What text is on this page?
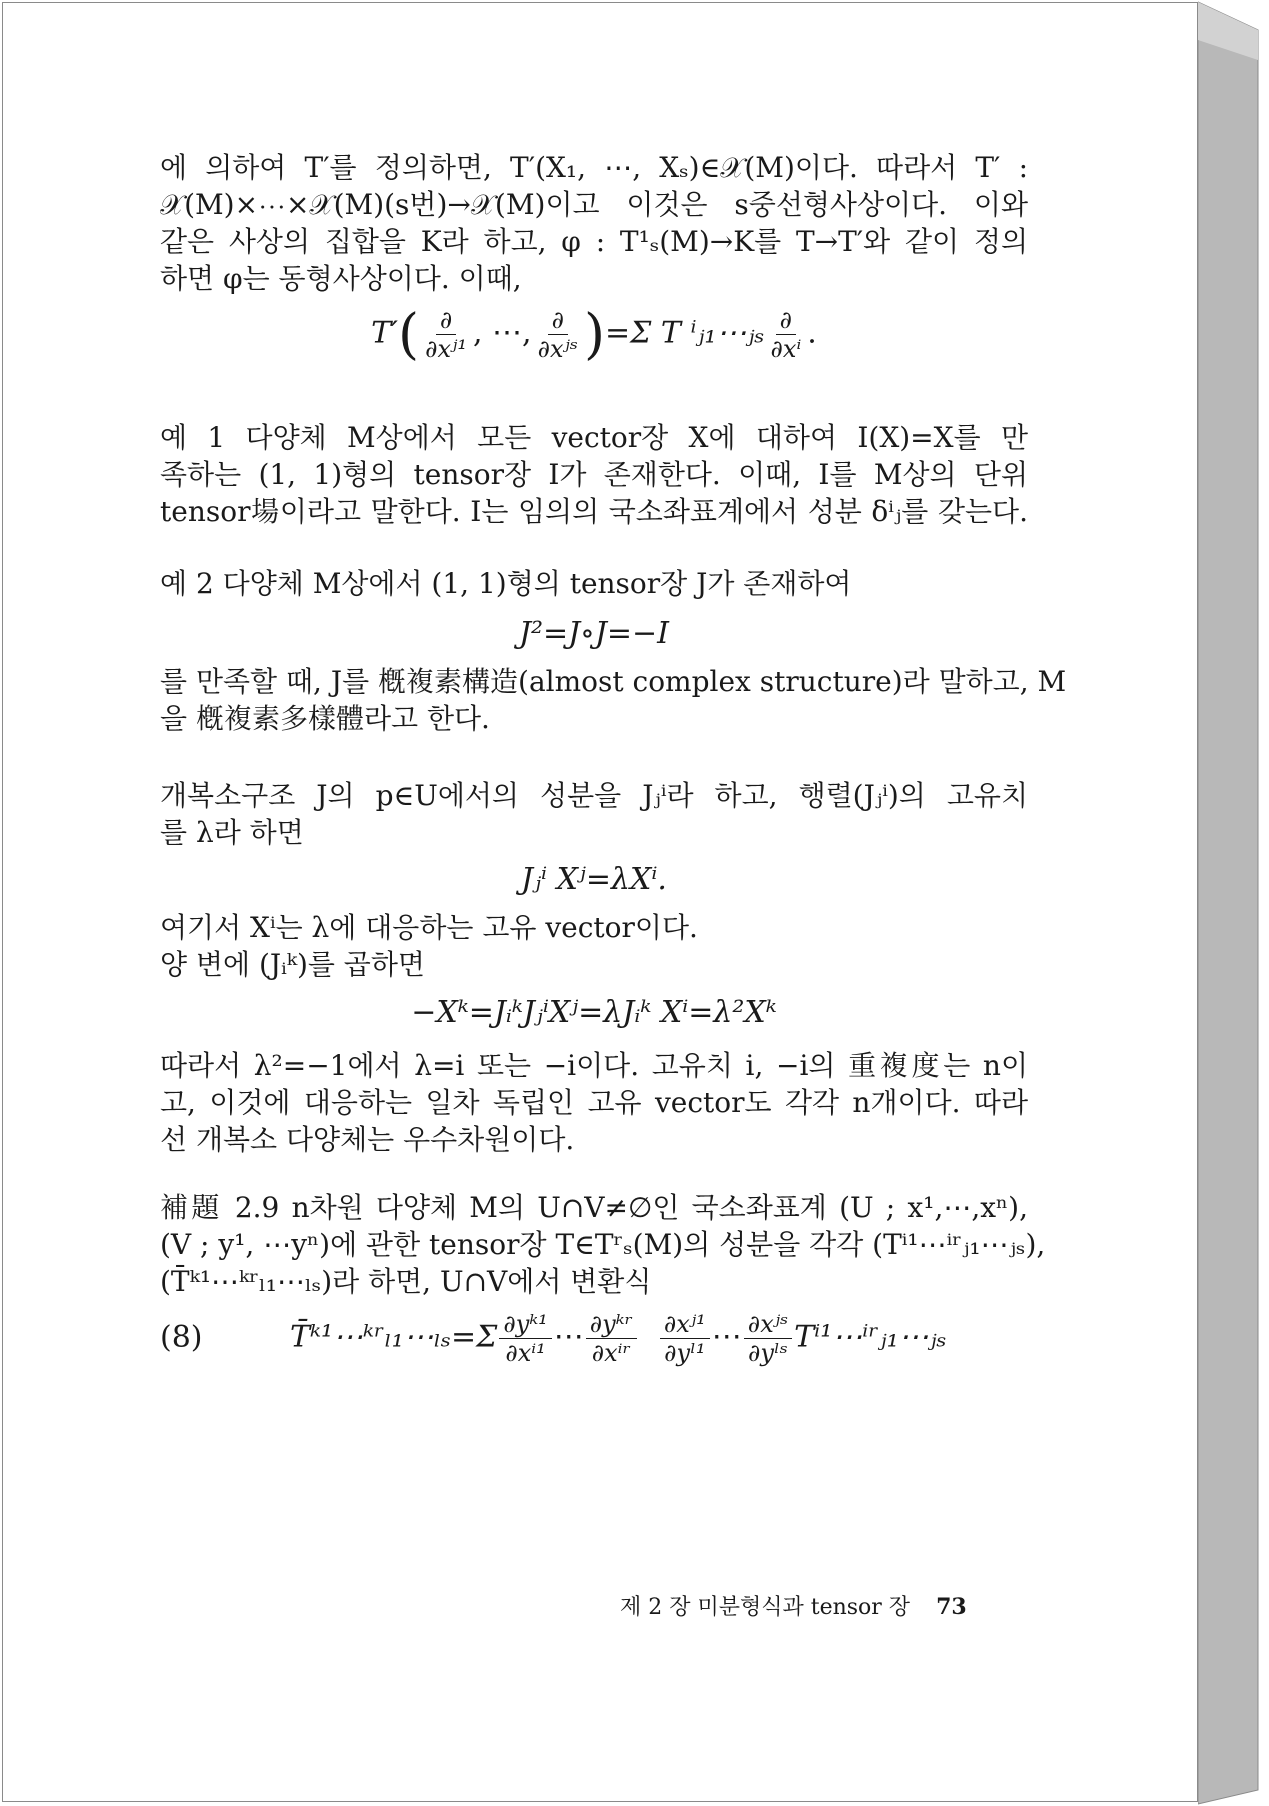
에 의하여 T′를 정의하면, T′(X₁, ⋯, Xₛ)∈𝒳(M)이다. 따라서 T′ :
𝒳(M)×⋯×𝒳(M)(s번)→𝒳(M)이고 이것은 s중선형사상이다. 이와
같은 사상의 집합을 K라 하고, φ : T¹ₛ(M)→K를 T→T′와 같이 정의
하면 φ는 동형사상이다. 이때,
$T'( \frac{\partial}{\text{∂xʲ¹}}$ , ⋯, $\frac{\partial}{\text{∂xʲˢ}} )=\Sigma$ T ⁱⱼ₁⋯ⱼₛ $\frac{\partial}{\text{∂xⁱ}}$ .
예 1 다양체 M상에서 모든 vector장 X에 대하여 I(X)=X를 만
족하는 (1, 1)형의 tensor장 I가 존재한다. 이때, I를 M상의 단위
tensor場이라고 말한다. I는 임의의 국소좌표계에서 성분 δⁱⱼ를 갖는다.
예 2 다양체 M상에서 (1, 1)형의 tensor장 J가 존재하여
J²=J∘J=−I
를 만족할 때, J를 槪複素構造(almost complex structure)라 말하고, M
을 槪複素多樣體라고 한다.
개복소구조 J의 p∈U에서의 성분을 Jⱼⁱ라 하고, 행렬(Jⱼⁱ)의 고유치
를 λ라 하면
Jⱼⁱ Xʲ=λXⁱ.
여기서 Xⁱ는 λ에 대응하는 고유 vector이다.
양 변에 (Jᵢᵏ)를 곱하면
−Xᵏ=JᵢᵏJⱼⁱXʲ=λJᵢᵏ Xⁱ=λ²Xᵏ
따라서 λ²=−1에서 λ=i 또는 −i이다. 고유치 i, −i의 重複度는 n이
고, 이것에 대응하는 일차 독립인 고유 vector도 각각 n개이다. 따라
선 개복소 다양체는 우수차원이다.
補題 2.9 n차원 다양체 M의 U∩V≠∅인 국소좌표계 (U ; x¹,⋯,xⁿ),
(V ; y¹, ⋯yⁿ)에 관한 tensor장 T∈Tʳₛ(M)의 성분을 각각 (Tⁱ¹⋯ⁱʳⱼ₁⋯ⱼₛ),
(T̄ᵏ¹⋯ᵏʳₗ₁⋯ₗₛ)라 하면, U∩V에서 변환식
(8)	T̄ᵏ¹⋯ᵏʳₗ₁⋯ₗₛ=Σ $\frac{\text{∂yᵏ¹}}{\text{∂xⁱ¹}}$ ⋯ $\frac{\text{∂yᵏʳ}}{\text{∂xⁱʳ}}$
$\frac{\text{∂xʲ¹}}{\text{∂yˡ¹}}$ ⋯ $\frac{\text{∂xʲˢ}}{\text{∂yˡˢ}}$ Tⁱ¹⋯ⁱʳⱼ₁⋯ⱼₛ
제 2 장 미분형식과 tensor 장 73
